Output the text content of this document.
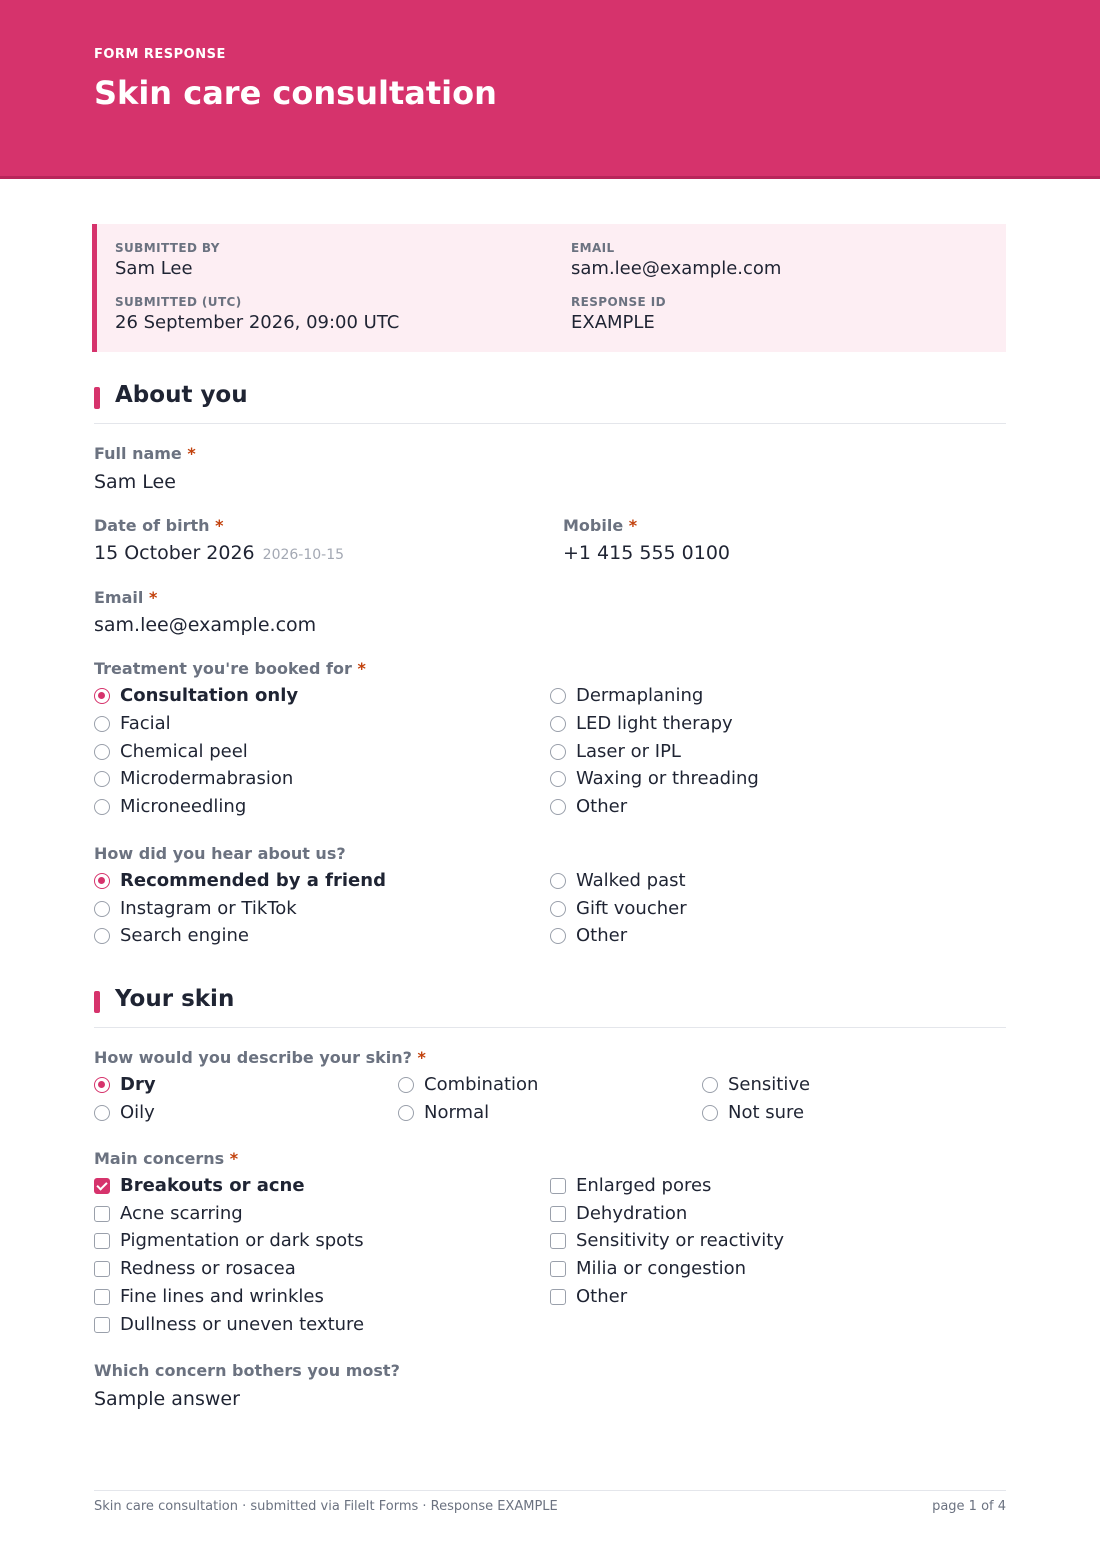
FORM RESPONSE
Skin care consultation
SUBMITTED BY
Sam Lee
EMAIL
sam.lee@example.com
SUBMITTED (UTC)
26 September 2026, 09:00 UTC
RESPONSE ID
EXAMPLE
About you
Full name *
Sam Lee
Date of birth *
15 October 2026 2026-10-15
Mobile *
+1 415 555 0100
Email *
sam.lee@example.com
Treatment you're booked for *
Consultation only
Facial
Chemical peel
Microdermabrasion
Microneedling
Dermaplaning
LED light therapy
Laser or IPL
Waxing or threading
Other
How did you hear about us?
Recommended by a friend
Instagram or TikTok
Search engine
Walked past
Gift voucher
Other
Your skin
How would you describe your skin? *
Dry
Oily
Combination
Normal
Sensitive
Not sure
Main concerns *
Breakouts or acne
Acne scarring
Pigmentation or dark spots
Redness or rosacea
Fine lines and wrinkles
Dullness or uneven texture
Enlarged pores
Dehydration
Sensitivity or reactivity
Milia or congestion
Other
Which concern bothers you most?
Sample answer
Skin care consultation · submitted via FileIt Forms · Response EXAMPLE	page 1 of 4
